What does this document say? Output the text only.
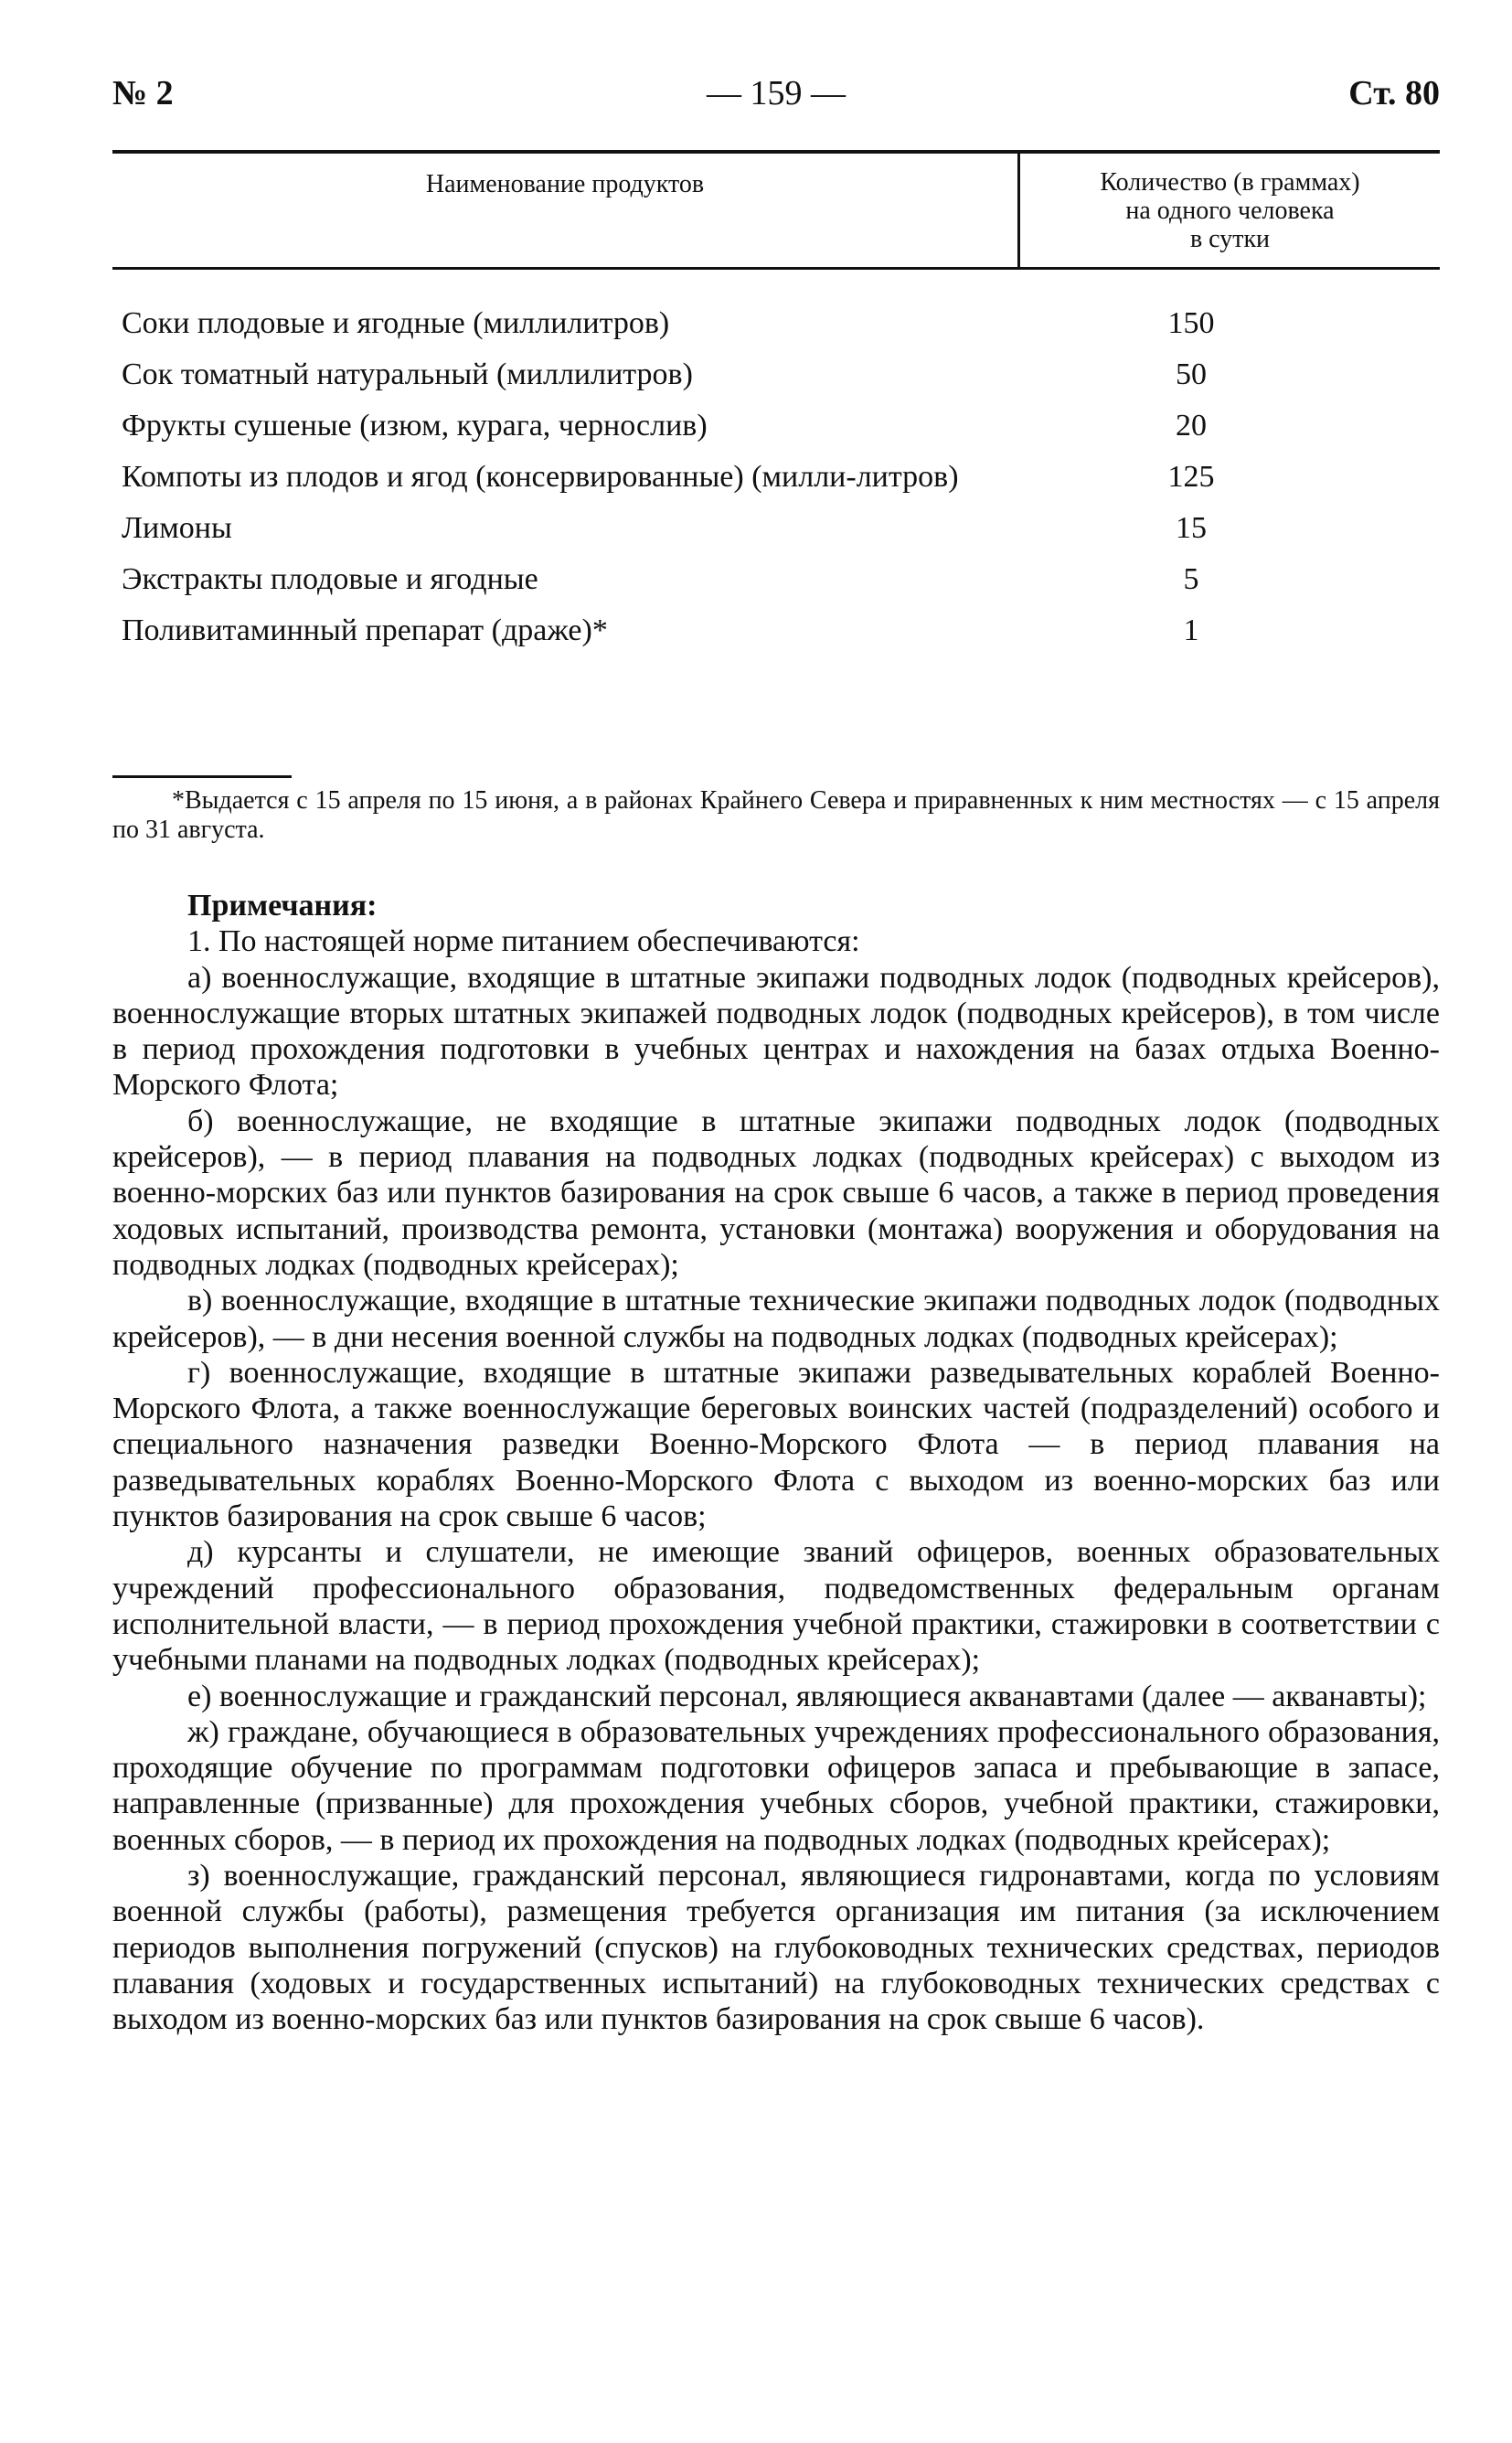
№ 2	— 159 —	Ст. 80
Наименование продуктов	Количество (в граммах)
на одного человека
в сутки
Соки плодовые и ягодные (миллилитров)	150
Сок томатный натуральный (миллилитров)	50
Фрукты сушеные (изюм, курага, чернослив)	20
Компоты из плодов и ягод (консервированные) (милли-литров)	125
Лимоны	15
Экстракты плодовые и ягодные	5
Поливитаминный препарат (драже)*	1
*Выдается с 15 апреля по 15 июня, а в районах Крайнего Севера и приравненных к ним местностях — с 15 апреля по 31 августа.

Примечания:

1. По настоящей норме питанием обеспечиваются:

а) военнослужащие, входящие в штатные экипажи подводных лодок (подводных крейсеров), военнослужащие вторых штатных экипажей подводных лодок (подводных крейсеров), в том числе в период прохождения подготовки в учебных центрах и нахождения на базах отдыха Военно-Морского Флота;

б) военнослужащие, не входящие в штатные экипажи подводных лодок (подводных крейсеров), — в период плавания на подводных лодках (подводных крейсерах) с выходом из военно-морских баз или пунктов базирования на срок свыше 6 часов, а также в период проведения ходовых испытаний, производства ремонта, установки (монтажа) вооружения и оборудования на подводных лодках (подводных крейсерах);

в) военнослужащие, входящие в штатные технические экипажи подводных лодок (подводных крейсеров), — в дни несения военной службы на подводных лодках (подводных крейсерах);

г) военнослужащие, входящие в штатные экипажи разведывательных кораблей Военно-Морского Флота, а также военнослужащие береговых воинских частей (подразделений) особого и специального назначения разведки Военно-Морского Флота — в период плавания на разведывательных кораблях Военно-Морского Флота с выходом из военно-морских баз или пунктов базирования на срок свыше 6 часов;

д) курсанты и слушатели, не имеющие званий офицеров, военных образовательных учреждений профессионального образования, подведомственных федеральным органам исполнительной власти, — в период прохождения учебной практики, стажировки в соответствии с учебными планами на подводных лодках (подводных крейсерах);

е) военнослужащие и гражданский персонал, являющиеся акванавтами (далее — акванавты);

ж) граждане, обучающиеся в образовательных учреждениях профессионального образования, проходящие обучение по программам подготовки офицеров запаса и пребывающие в запасе, направленные (призванные) для прохождения учебных сборов, учебной практики, стажировки, военных сборов, — в период их прохождения на подводных лодках (подводных крейсерах);

з) военнослужащие, гражданский персонал, являющиеся гидронавтами, когда по условиям военной службы (работы), размещения требуется организация им питания (за исключением периодов выполнения погружений (спусков) на глубоководных технических средствах, периодов плавания (ходовых и государственных испытаний) на глубоководных технических средствах с выходом из военно-морских баз или пунктов базирования на срок свыше 6 часов).
